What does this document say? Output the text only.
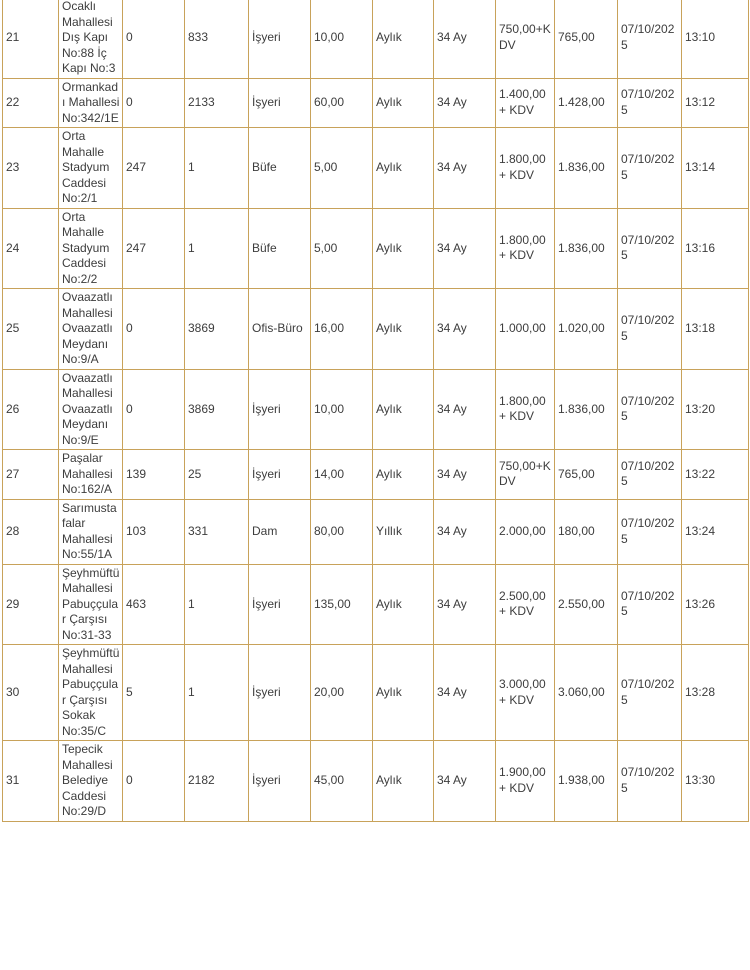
21	Ocaklı Mahallesi Dış Kapı No:88 İç Kapı No:3	0	833	İşyeri	10,00	Aylık	34 Ay	750,00+KDV	765,00	07/10/2025	13:10
22	Ormankadı Mahallesi No:342/1E	0	2133	İşyeri	60,00	Aylık	34 Ay	1.400,00+ KDV	1.428,00	07/10/2025	13:12
23	Orta Mahalle Stadyum Caddesi No:2/1	247	1	Büfe	5,00	Aylık	34 Ay	1.800,00+ KDV	1.836,00	07/10/2025	13:14
24	Orta Mahalle Stadyum Caddesi No:2/2	247	1	Büfe	5,00	Aylık	34 Ay	1.800,00+ KDV	1.836,00	07/10/2025	13:16
25	Ovaazatlı Mahallesi Ovaazatlı Meydanı No:9/A	0	3869	Ofis-Büro	16,00	Aylık	34 Ay	1.000,00	1.020,00	07/10/2025	13:18
26	Ovaazatlı Mahallesi Ovaazatlı Meydanı No:9/E	0	3869	İşyeri	10,00	Aylık	34 Ay	1.800,00+ KDV	1.836,00	07/10/2025	13:20
27	Paşalar Mahallesi No:162/A	139	25	İşyeri	14,00	Aylık	34 Ay	750,00+KDV	765,00	07/10/2025	13:22
28	Sarımustafalar Mahallesi No:55/1A	103	331	Dam	80,00	Yıllık	34 Ay	2.000,00	180,00	07/10/2025	13:24
29	Şeyhmüftü Mahallesi Pabuççular Çarşısı No:31-33	463	1	İşyeri	135,00	Aylık	34 Ay	2.500,00+ KDV	2.550,00	07/10/2025	13:26
30	Şeyhmüftü Mahallesi Pabuççular Çarşısı Sokak No:35/C	5	1	İşyeri	20,00	Aylık	34 Ay	3.000,00+ KDV	3.060,00	07/10/2025	13:28
31	Tepecik Mahallesi Belediye Caddesi No:29/D	0	2182	İşyeri	45,00	Aylık	34 Ay	1.900,00+ KDV	1.938,00	07/10/2025	13:30
